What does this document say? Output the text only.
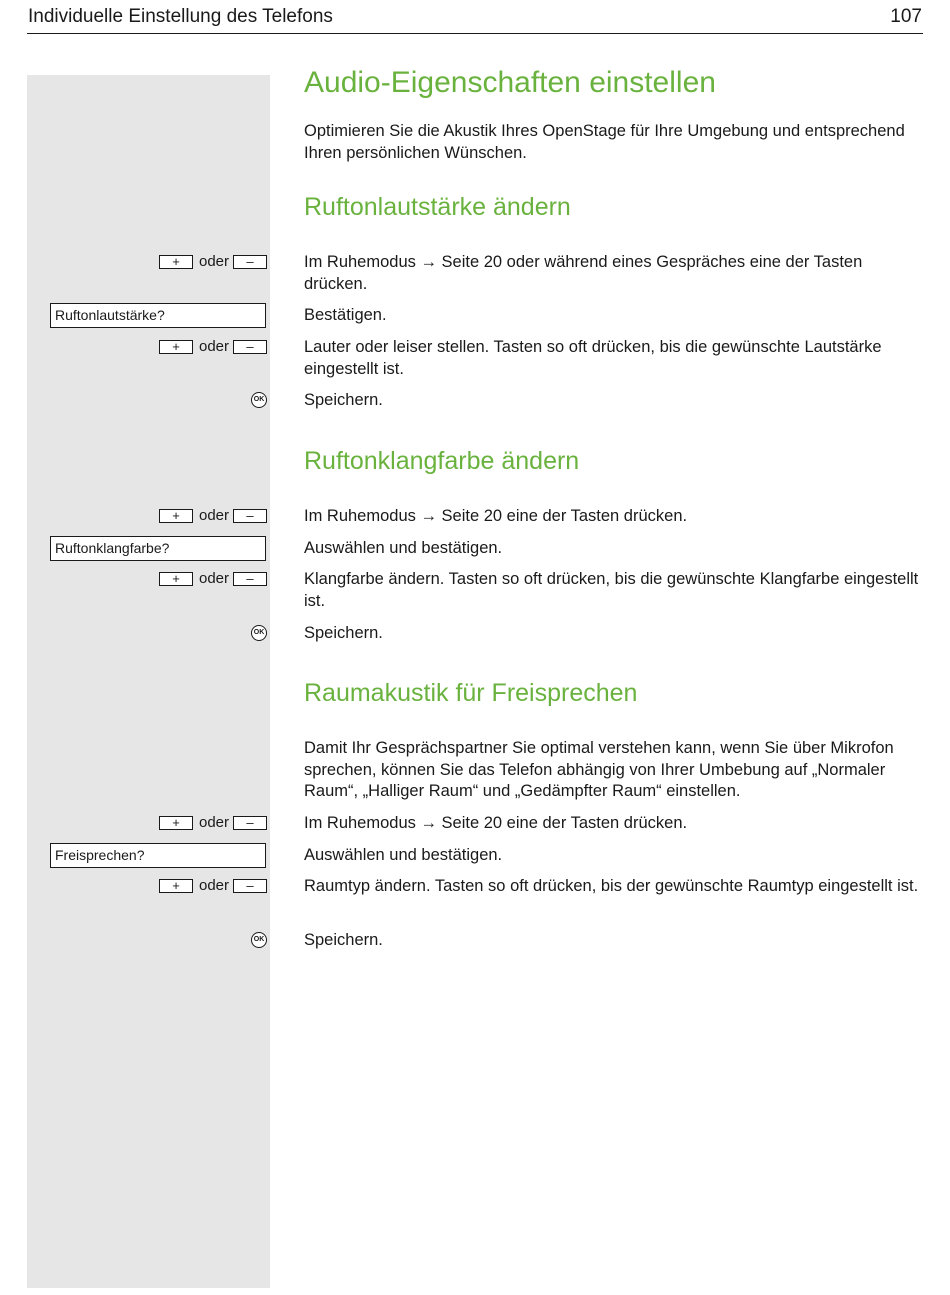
Individuelle Einstellung des Telefons	107
Audio-Eigenschaften einstellen
Optimieren Sie die Akustik Ihres OpenStage für Ihre Umgebung und entsprechend Ihren persönlichen Wünschen.
Ruftonlautstärke ändern
+	oder	–	Im Ruhemodus → Seite 20 oder während eines Gespräches eine der Tasten drücken.
Ruftonlautstärke?	Bestätigen.
+	oder	–	Lauter oder leiser stellen. Tasten so oft drücken, bis die gewünschte Lautstärke eingestellt ist.
OK Speichern.
Ruftonklangfarbe ändern
+	oder	–	Im Ruhemodus → Seite 20 eine der Tasten drücken.
Ruftonklangfarbe?	Auswählen und bestätigen.
+	oder	–	Klangfarbe ändern. Tasten so oft drücken, bis die gewünschte Klangfarbe eingestellt ist.
OK Speichern.
Raumakustik für Freisprechen
Damit Ihr Gesprächspartner Sie optimal verstehen kann, wenn Sie über Mikrofon sprechen, können Sie das Telefon abhängig von Ihrer Umbebung auf „Normaler Raum“, „Halliger Raum“ und „Gedämpfter Raum“ einstellen.
+	oder	–	Im Ruhemodus → Seite 20 eine der Tasten drücken.
Freisprechen?	Auswählen und bestätigen.
+	oder	–	Raumtyp ändern. Tasten so oft drücken, bis der gewünschte Raumtyp eingestellt ist.
OK Speichern.
